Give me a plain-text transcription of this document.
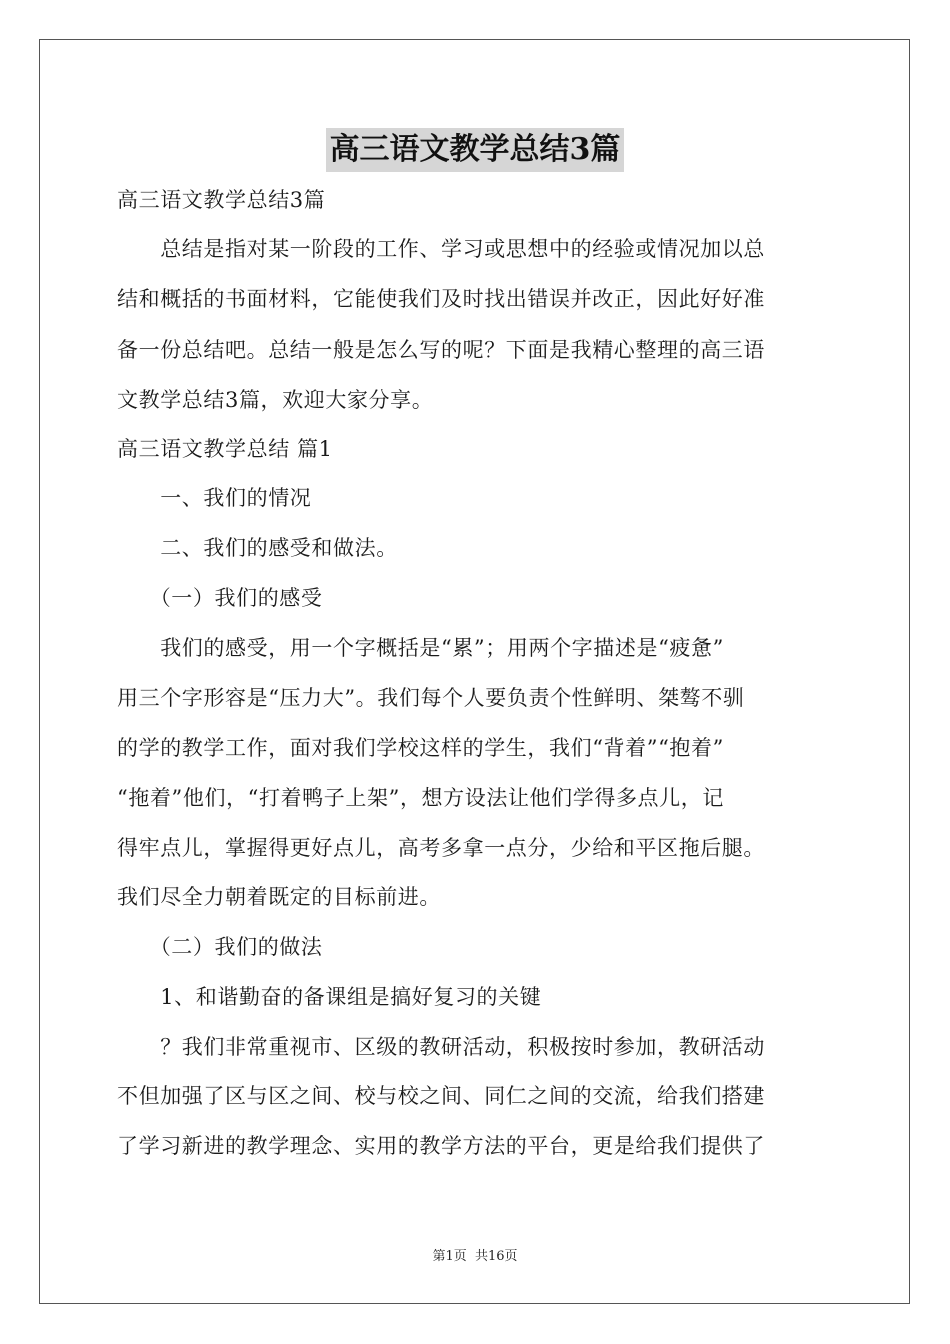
高三语文教学总结3篇
高三语文教学总结3篇
　　总结是指对某一阶段的工作、学习或思想中的经验或情况加以总
结和概括的书面材料，它能使我们及时找出错误并改正，因此好好准
备一份总结吧。总结一般是怎么写的呢？下面是我精心整理的高三语
文教学总结3篇，欢迎大家分享。
高三语文教学总结 篇1
　　一、我们的情况
　　二、我们的感受和做法。
　　（一）我们的感受
　　我们的感受，用一个字概括是“累”；用两个字描述是“疲惫”
用三个字形容是“压力大”。我们每个人要负责个性鲜明、桀骜不驯
的学的教学工作，面对我们学校这样的学生，我们“背着”“抱着”
“拖着”他们，“打着鸭子上架”，想方设法让他们学得多点儿，记
得牢点儿，掌握得更好点儿，高考多拿一点分，少给和平区拖后腿。
我们尽全力朝着既定的目标前进。
　　（二）我们的做法
　　1、和谐勤奋的备课组是搞好复习的关键
　　？我们非常重视市、区级的教研活动，积极按时参加，教研活动
不但加强了区与区之间、校与校之间、同仁之间的交流，给我们搭建
了学习新进的教学理念、实用的教学方法的平台，更是给我们提供了
第1页 共16页
